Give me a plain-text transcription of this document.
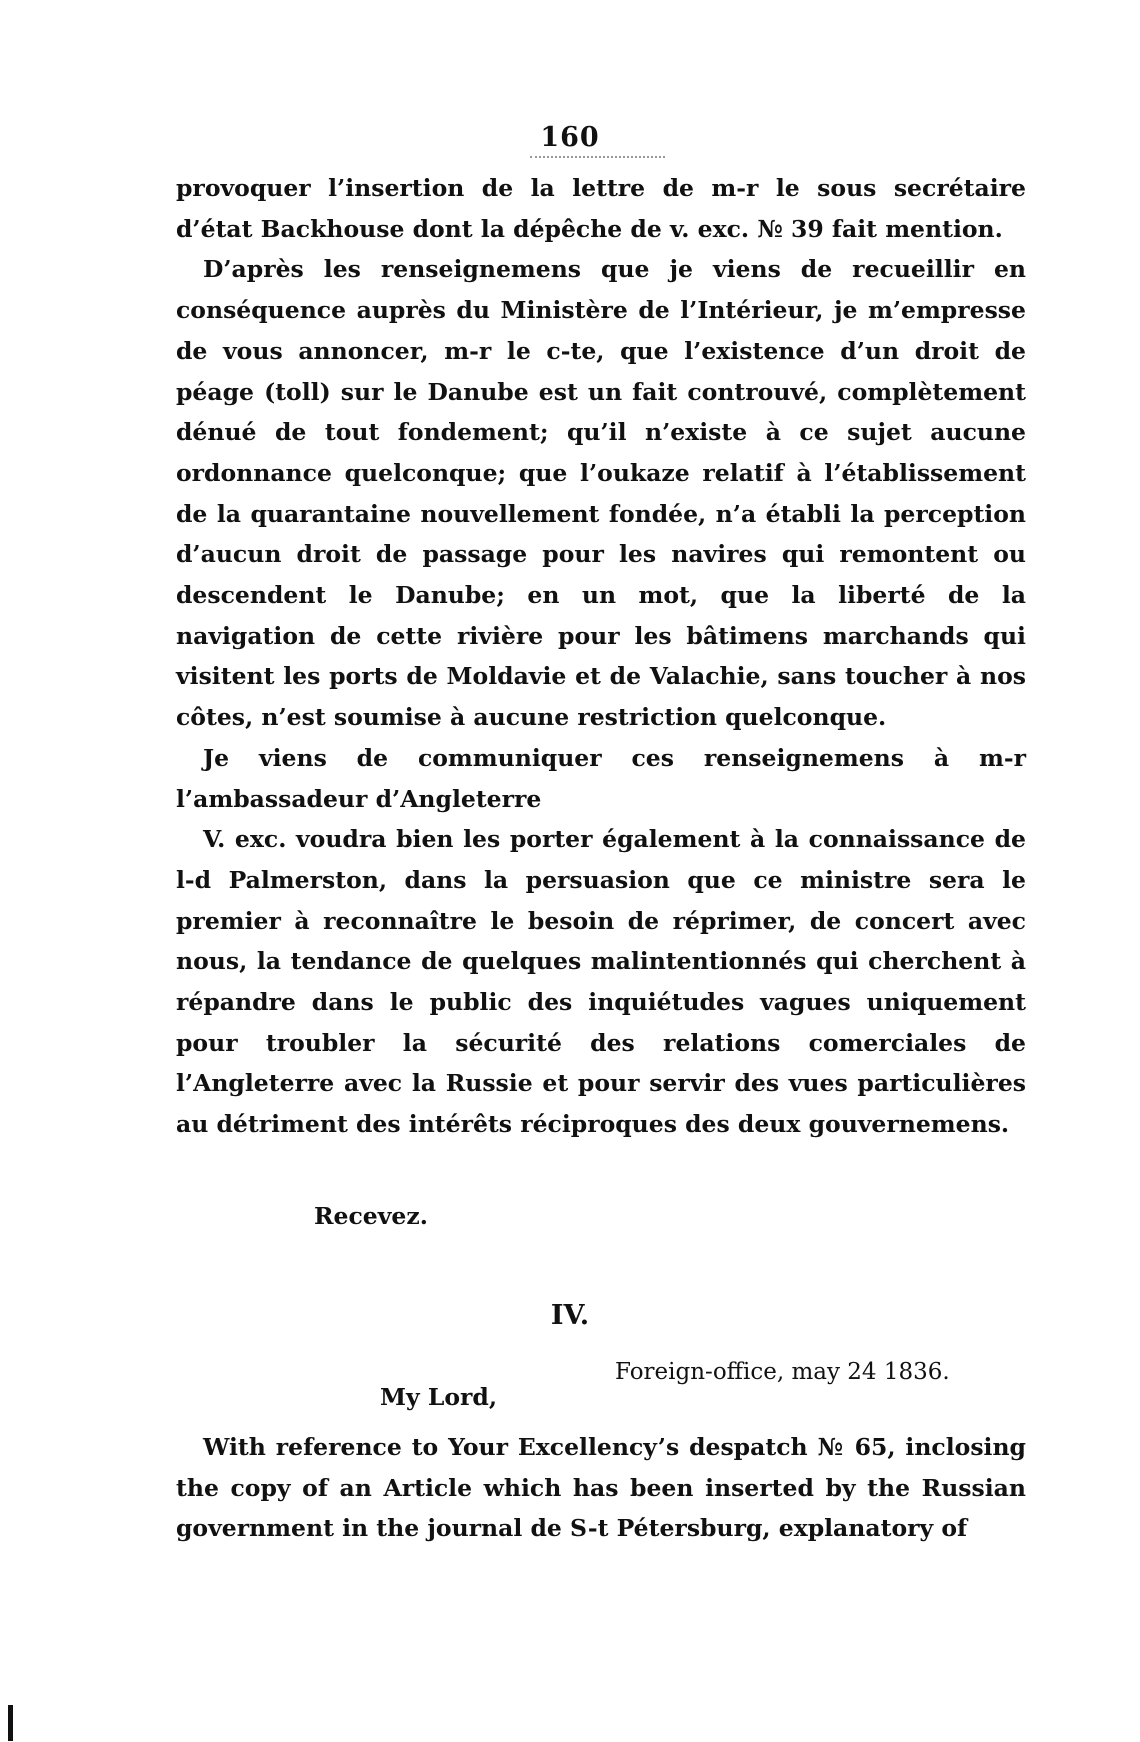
160

provoquer l’insertion de la lettre de m-r le sous secrétaire d’état Backhouse dont la dépêche de v. exc. № 39 fait mention.

D’après les renseignemens que je viens de recueillir en conséquence auprès du Ministère de l’Intérieur, je m’empresse de vous annoncer, m-r le c-te, que l’existence d’un droit de péage (toll) sur le Danube est un fait controuvé, complètement dénué de tout fondement; qu’il n’existe à ce sujet aucune ordonnance quelconque; que l’oukaze relatif à l’établissement de la quarantaine nouvellement fondée, n’a établi la perception d’aucun droit de passage pour les navires qui remontent ou descendent le Danube; en un mot, que la liberté de la navigation de cette rivière pour les bâtimens marchands qui visitent les ports de Moldavie et de Valachie, sans toucher à nos côtes, n’est soumise à aucune restriction quelconque.

Je viens de communiquer ces renseignemens à m-r l’ambassadeur d’Angleterre

V. exc. voudra bien les porter également à la connaissance de l-d Palmerston, dans la persuasion que ce ministre sera le premier à reconnaître le besoin de réprimer, de concert avec nous, la tendance de quelques malintentionnés qui cherchent à répandre dans le public des inquiétudes vagues uniquement pour troubler la sécurité des relations comerciales de l’Angleterre avec la Russie et pour servir des vues particulières au détriment des intérêts réciproques des deux gouvernemens.

Recevez.
IV.
Foreign-office, may 24 1836.
My Lord,

With reference to Your Excellency’s despatch № 65, inclosing the copy of an Article which has been inserted by the Russian government in the journal de S-t Pétersburg, explanatory of
